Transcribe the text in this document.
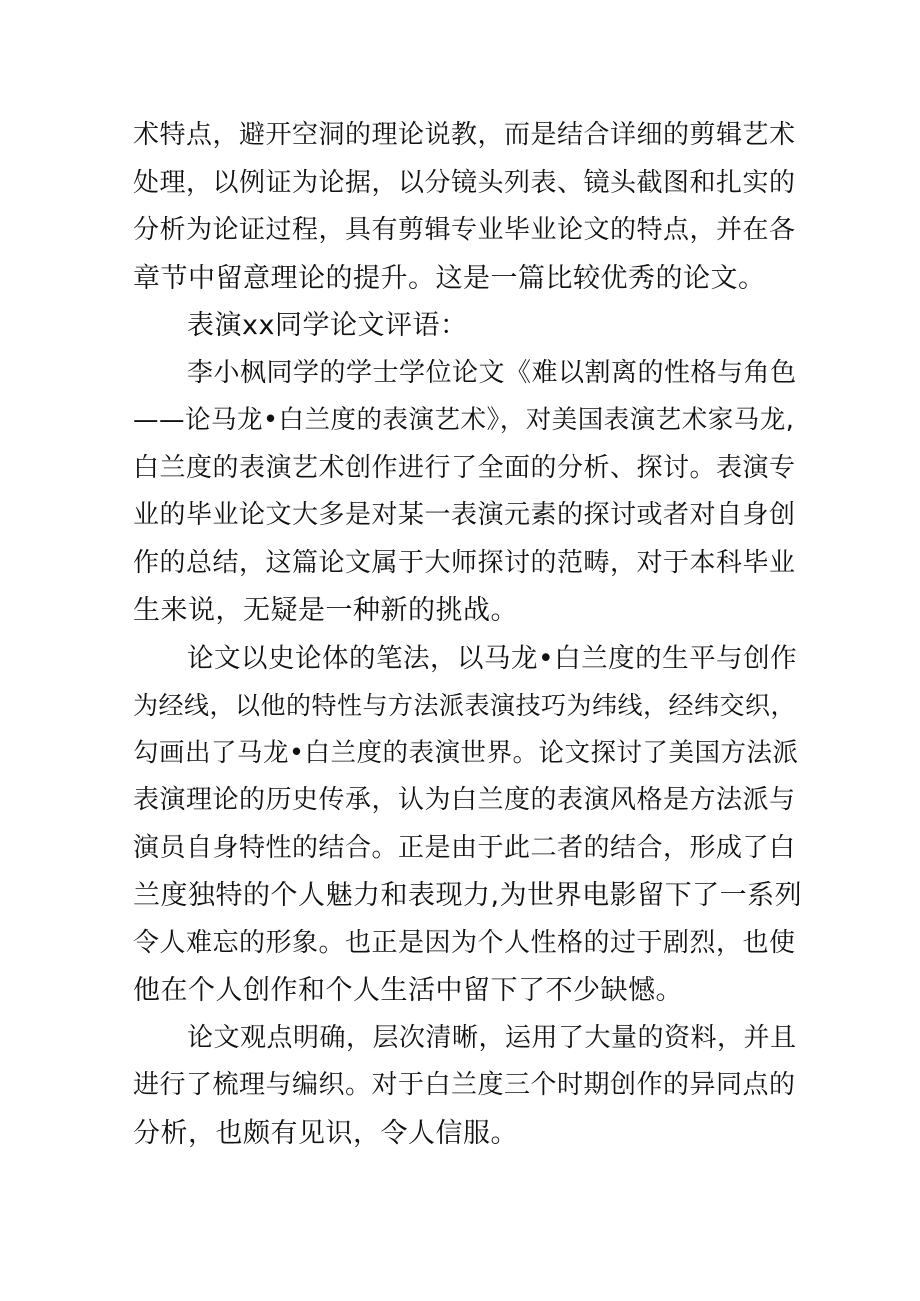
术特点，避开空洞的理论说教，而是结合详细的剪辑艺术
处理，以例证为论据，以分镜头列表、镜头截图和扎实的
分析为论证过程，具有剪辑专业毕业论文的特点，并在各
章节中留意理论的提升。这是一篇比较优秀的论文。
表演xx同学论文评语：
李小枫同学的学士学位论文《难以割离的性格与角色
——论马龙•白兰度的表演艺术》，对美国表演艺术家马龙,
白兰度的表演艺术创作进行了全面的分析、探讨。表演专
业的毕业论文大多是对某一表演元素的探讨或者对自身创
作的总结，这篇论文属于大师探讨的范畴，对于本科毕业
生来说，无疑是一种新的挑战。
论文以史论体的笔法，以马龙•白兰度的生平与创作
为经线，以他的特性与方法派表演技巧为纬线，经纬交织，
勾画出了马龙•白兰度的表演世界。论文探讨了美国方法派
表演理论的历史传承，认为白兰度的表演风格是方法派与
演员自身特性的结合。正是由于此二者的结合，形成了白
兰度独特的个人魅力和表现力,为世界电影留下了一系列
令人难忘的形象。也正是因为个人性格的过于剧烈，也使
他在个人创作和个人生活中留下了不少缺憾。
论文观点明确，层次清晰，运用了大量的资料，并且
进行了梳理与编织。对于白兰度三个时期创作的异同点的
分析，也颇有见识，令人信服。
